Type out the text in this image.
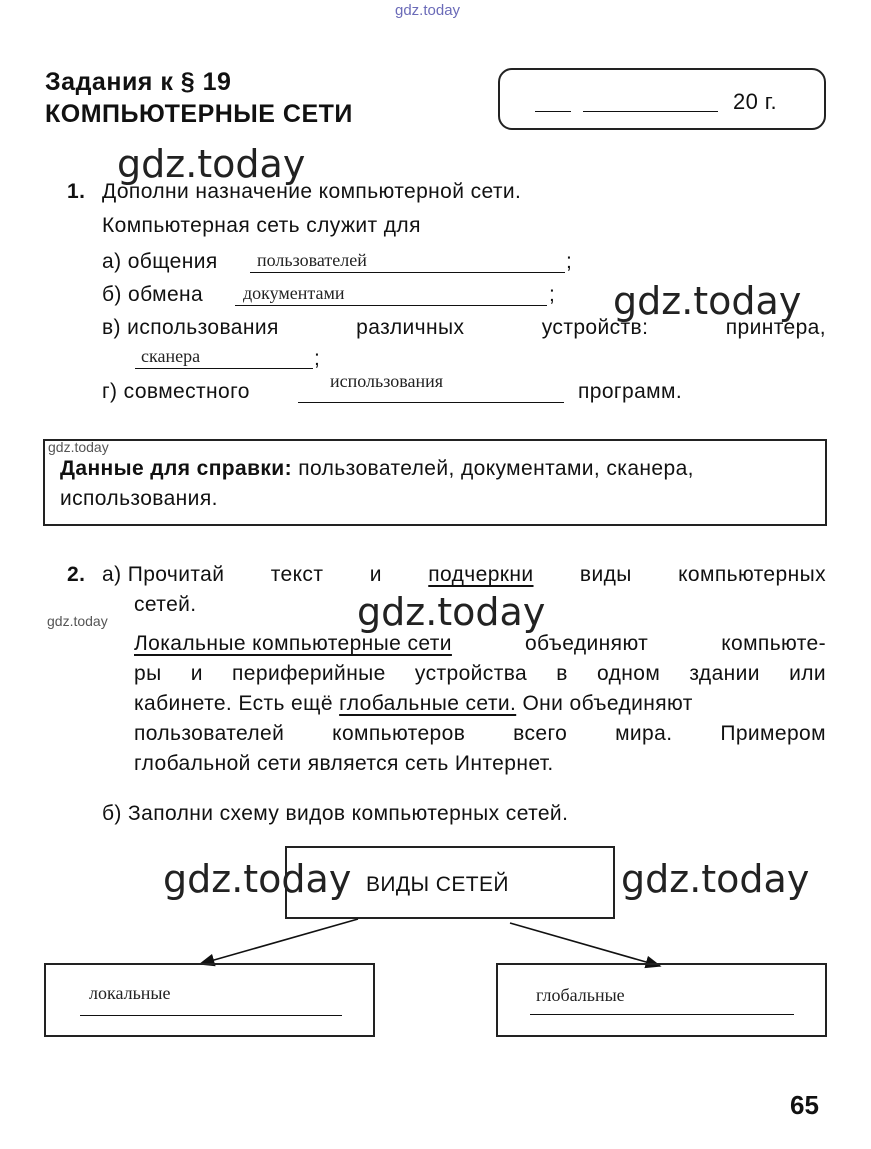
gdz.today
Задания к § 19
КОМПЬЮТЕРНЫЕ СЕТИ	20 г.
gdz.today
1. Дополни назначение компьютерной сети.
Компьютерная сеть служит для
а) общения пользователей	;
б) обмена документами	; gdz.today
в) использования	различных	устройств:	принтера,
сканера	;
г) совместного	использования	программ.
gdz.today
Данные для справки: пользователей, документами, сканера,
использования.
2. а) Прочитай текст и подчеркни виды компьютерных
сетей.
gdz.today	gdz.today
Локальные компьютерные сети	объединяют	компьюте-
ры и периферийные устройства в одном здании или
кабинете. Есть ещё глобальные сети. Они объединяют
пользователей компьютеров всего мира. Примером
глобальной сети является сеть Интернет.
б) Заполни схему видов компьютерных сетей.
ВИДЫ СЕТЕЙ
gdz.today	gdz.today
локальные	глобальные
65
